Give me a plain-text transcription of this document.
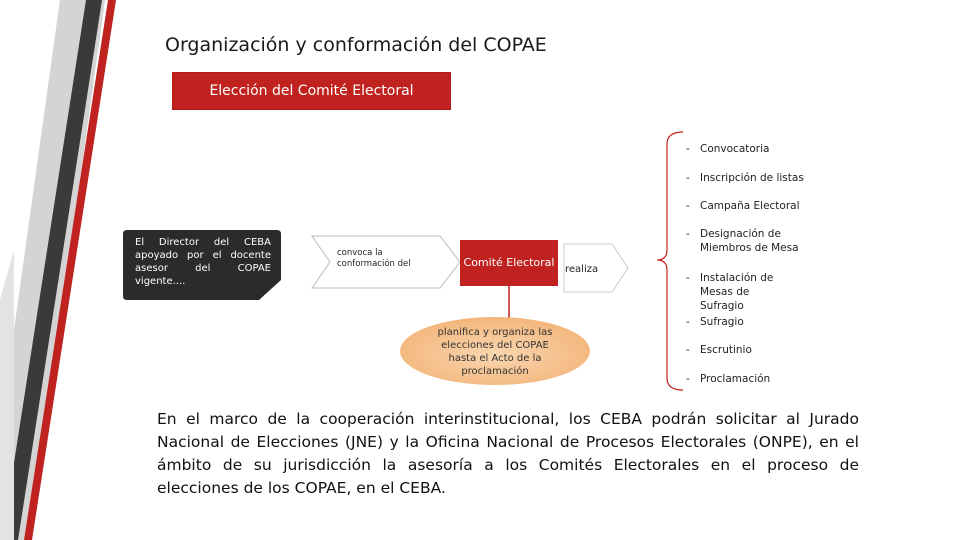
Organización y conformación del COPAE
Elección del Comité Electoral
El Director del CEBA apoyado por el docente asesor del COPAE vigente....
convoca la conformación del	Comité Electoral
realiza
planifica y organiza las elecciones del COPAE hasta el Acto de la proclamación
- Convocatoria
- Inscripción de listas
- Campaña Electoral
- Designación de Miembros de Mesa
- Instalación de Mesas de Sufragio
- Sufragio
- Escrutinio
- Proclamación
En el marco de la cooperación interinstitucional, los CEBA podrán solicitar al Jurado Nacional de Elecciones (JNE) y la Oficina Nacional de Procesos Electorales (ONPE), en el ámbito de su jurisdicción la asesoría a los Comités Electorales en el proceso de elecciones de los COPAE, en el CEBA.
